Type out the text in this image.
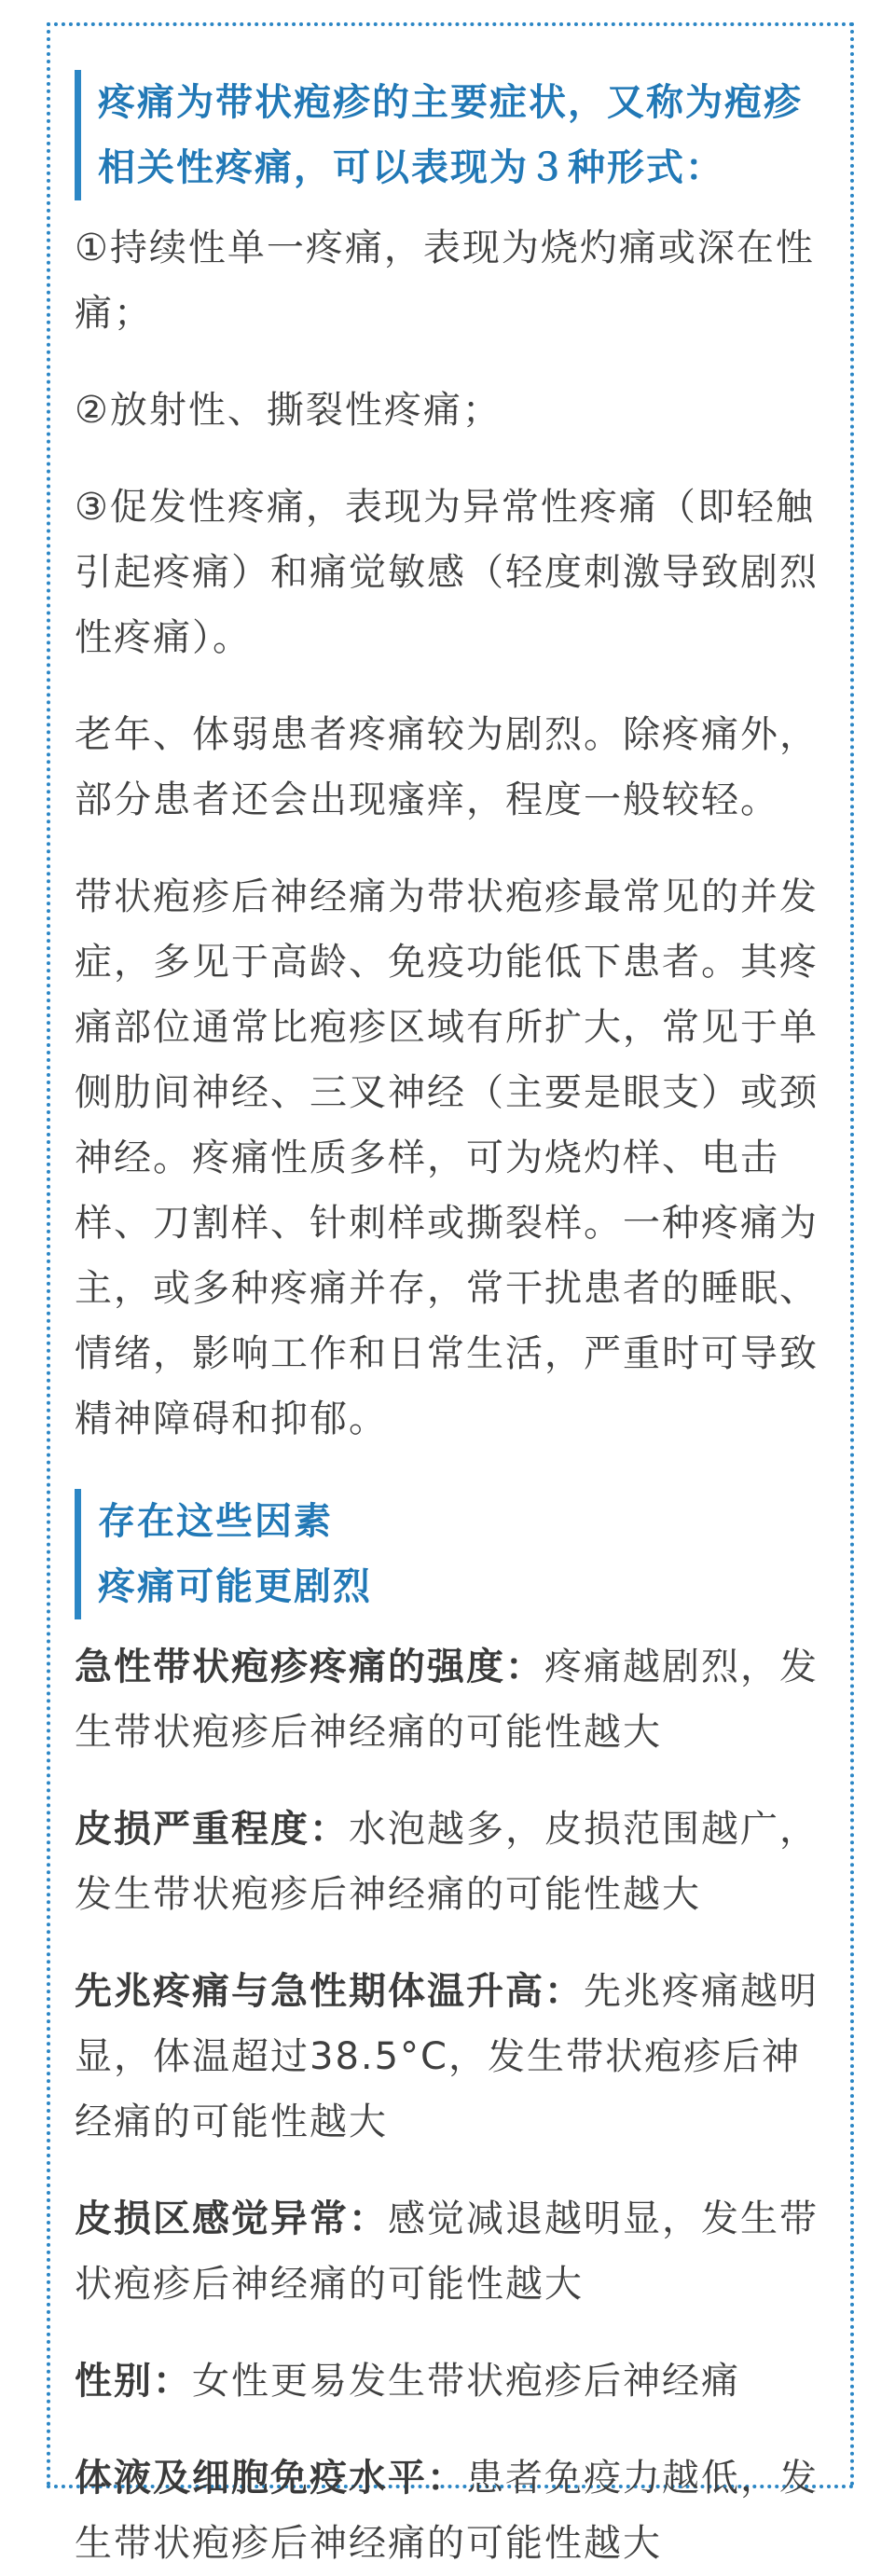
疼痛为带状疱疹的主要症状，又称为疱疹相关性疼痛，可以表现为３种形式：

①持续性单一疼痛，表现为烧灼痛或深在性痛；

②放射性、撕裂性疼痛；

③促发性疼痛，表现为异常性疼痛（即轻触引起疼痛）和痛觉敏感（轻度刺激导致剧烈性疼痛）。

老年、体弱患者疼痛较为剧烈。除疼痛外，部分患者还会出现瘙痒，程度一般较轻。

带状疱疹后神经痛为带状疱疹最常见的并发症，多见于高龄、免疫功能低下患者。其疼痛部位通常比疱疹区域有所扩大，常见于单侧肋间神经、三叉神经（主要是眼支）或颈神经。疼痛性质多样，可为烧灼样、电击样、刀割样、针刺样或撕裂样。一种疼痛为主，或多种疼痛并存，常干扰患者的睡眠、情绪，影响工作和日常生活，严重时可导致精神障碍和抑郁。

存在这些因素

疼痛可能更剧烈

急性带状疱疹疼痛的强度：疼痛越剧烈，发生带状疱疹后神经痛的可能性越大

皮损严重程度：水泡越多，皮损范围越广，发生带状疱疹后神经痛的可能性越大

先兆疼痛与急性期体温升高：先兆疼痛越明显，体温超过38.5°C，发生带状疱疹后神经痛的可能性越大

皮损区感觉异常：感觉减退越明显，发生带状疱疹后神经痛的可能性越大

性别：女性更易发生带状疱疹后神经痛

体液及细胞免疫水平：患者免疫力越低，发生带状疱疹后神经痛的可能性越大
